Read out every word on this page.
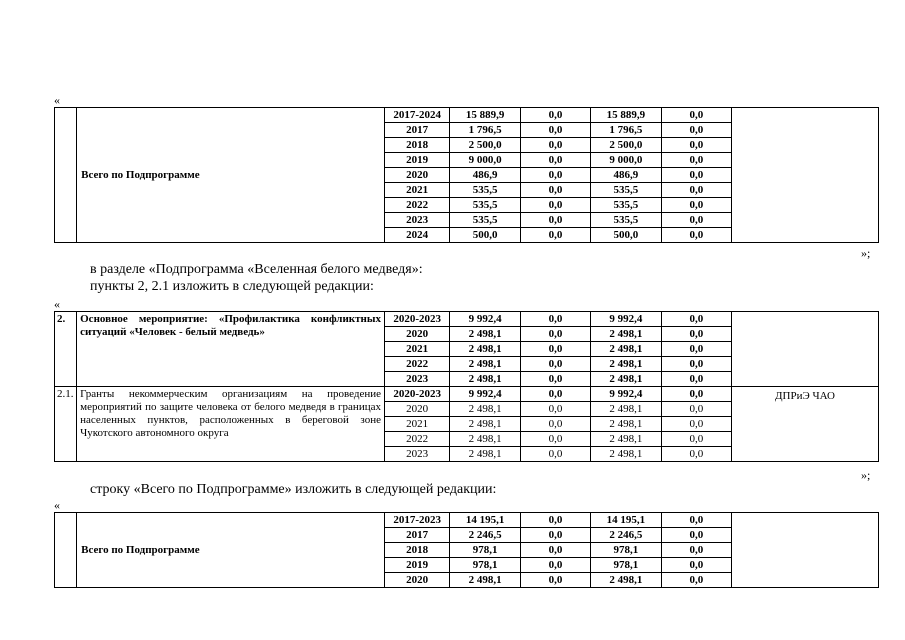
«
	Всего по Подпрограмме	2017-2024	15 889,9	0,0	15 889,9	0,0	
		2017	1 796,5	0,0	1 796,5	0,0	
		2018	2 500,0	0,0	2 500,0	0,0	
		2019	9 000,0	0,0	9 000,0	0,0	
		2020	486,9	0,0	486,9	0,0	
		2021	535,5	0,0	535,5	0,0	
		2022	535,5	0,0	535,5	0,0	
		2023	535,5	0,0	535,5	0,0	
		2024	500,0	0,0	500,0	0,0	
»;
в разделе «Подпрограмма «Вселенная белого медведя»:
пункты 2, 2.1 изложить в следующей редакции:
«
2.	Основное мероприятие: «Профилактика конфликтных ситуаций «Человек - белый медведь»	2020-2023	9 992,4	0,0	9 992,4	0,0	
		2020	2 498,1	0,0	2 498,1	0,0	
		2021	2 498,1	0,0	2 498,1	0,0	
		2022	2 498,1	0,0	2 498,1	0,0	
		2023	2 498,1	0,0	2 498,1	0,0	
2.1.	Гранты некоммерческим организациям на проведение мероприятий по защите человека от белого медведя в границах населенных пунктов, расположенных в береговой зоне Чукотского автономного округа	2020-2023	9 992,4	0,0	9 992,4	0,0	ДПРиЭ ЧАО
		2020	2 498,1	0,0	2 498,1	0,0	
		2021	2 498,1	0,0	2 498,1	0,0	
		2022	2 498,1	0,0	2 498,1	0,0	
		2023	2 498,1	0,0	2 498,1	0,0	
»;
строку «Всего по Подпрограмме» изложить в следующей редакции:
«
	Всего по Подпрограмме	2017-2023	14 195,1	0,0	14 195,1	0,0	
		2017	2 246,5	0,0	2 246,5	0,0	
		2018	978,1	0,0	978,1	0,0	
		2019	978,1	0,0	978,1	0,0	
		2020	2 498,1	0,0	2 498,1	0,0	
